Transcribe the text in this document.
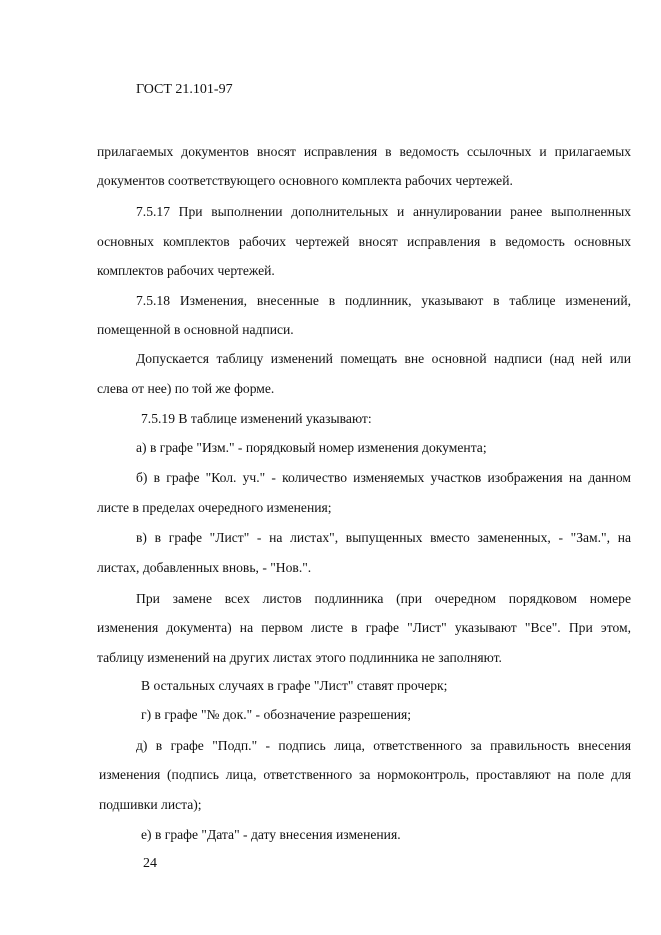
ГОСТ 21.101-97
прилагаемых документов вносят исправления в ведомость ссылочных и прилагаемых
документов соответствующего основного комплекта рабочих чертежей.
7.5.17 При выполнении дополнительных и аннулировании ранее выполненных
основных комплектов рабочих чертежей вносят исправления в ведомость основных
комплектов рабочих чертежей.
7.5.18 Изменения, внесенные в подлинник, указывают в таблице изменений,
помещенной в основной надписи.
Допускается таблицу изменений помещать вне основной надписи (над ней или
слева от нее) по той же форме.
7.5.19 В таблице изменений указывают:
а) в графе "Изм." - порядковый номер изменения документа;
б) в графе "Кол. уч." - количество изменяемых участков изображения на данном
листе в пределах очередного изменения;
в) в графе "Лист" - на листах", выпущенных вместо замененных, - "Зам.", на
листах, добавленных вновь, - "Нов.".
При замене всех листов подлинника (при очередном порядковом номере
изменения документа) на первом листе в графе "Лист" указывают "Все". При этом,
таблицу изменений на других листах этого подлинника не заполняют.
В остальных случаях в графе "Лист" ставят прочерк;
г) в графе "№ док." - обозначение разрешения;
д) в графе "Подп." - подпись лица, ответственного за правильность внесения
изменения (подпись лица, ответственного за нормоконтроль, проставляют на поле для
подшивки листа);
е) в графе "Дата" - дату внесения изменения.
24
